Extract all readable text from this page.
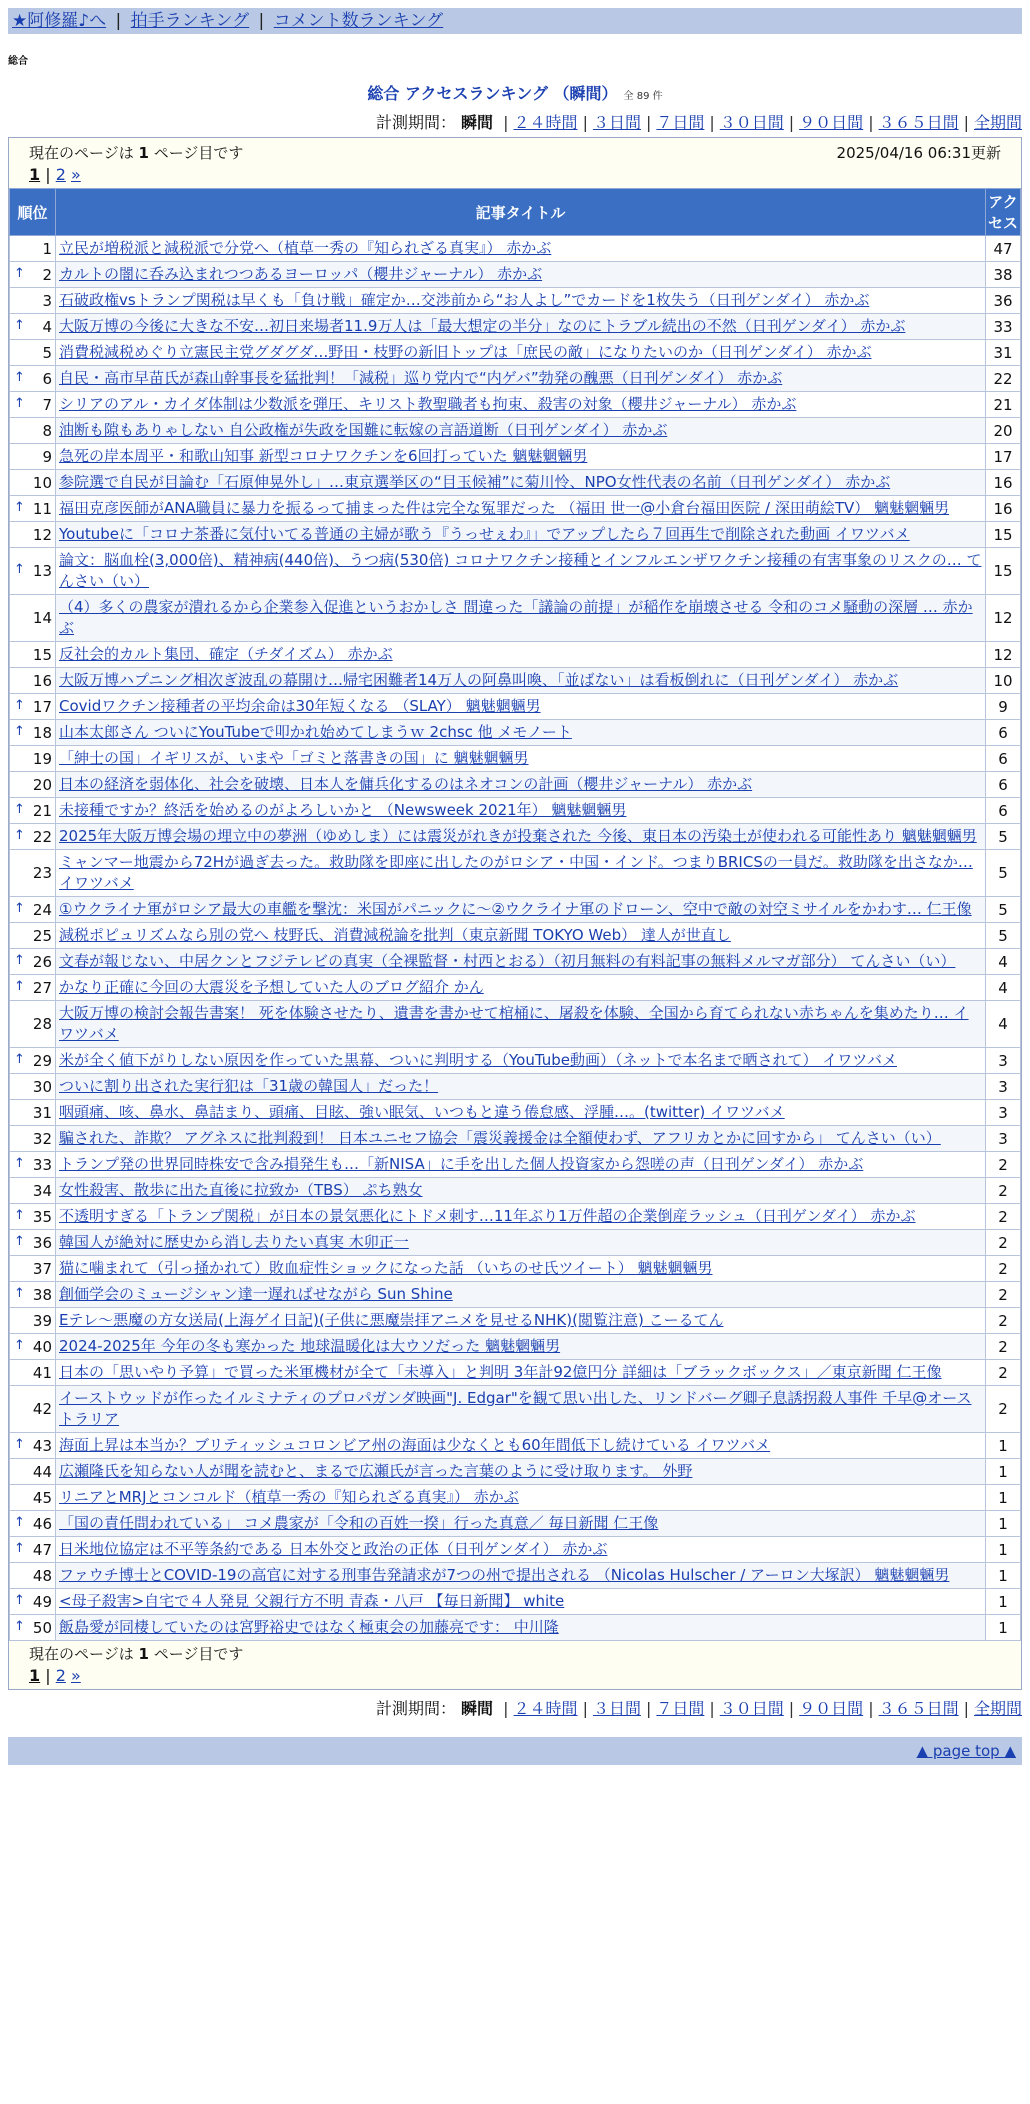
★阿修羅♪へ | 拍手ランキング | コメント数ランキング
総合
総合 アクセスランキング （瞬間） 全 89 件
計測期間： 瞬間 | ２４時間 | ３日間 | ７日間 | ３０日間 | ９０日間 | ３６５日間 | 全期間
現在のページは 1 ページ目です	2025/04/16 06:31更新
1 | 2 »
順位	記事タイトル	アクセス
1	立民が増税派と減税派で分党へ（植草一秀の『知られざる真実』） 赤かぶ	47

↑ 2	カルトの闇に呑み込まれつつあるヨーロッパ（櫻井ジャーナル） 赤かぶ	38
3	石破政権vsトランプ関税は早くも「負け戦」確定か…交渉前から“お人よし”でカードを1枚失う（日刊ゲンダイ） 赤かぶ	36

↑ 4	大阪万博の今後に大きな不安…初日来場者11.9万人は「最大想定の半分」なのにトラブル続出の不然（日刊ゲンダイ） 赤かぶ	33
5	消費税減税めぐり立憲民主党グダグダ…野田・枝野の新旧トップは「庶民の敵」になりたいのか（日刊ゲンダイ） 赤かぶ	31

↑ 6	自民・高市早苗氏が森山幹事長を猛批判！「減税」巡り党内で“内ゲバ”勃発の醜悪（日刊ゲンダイ） 赤かぶ	22

↑ 7	シリアのアル・カイダ体制は少数派を弾圧、キリスト教聖職者も拘束、殺害の対象（櫻井ジャーナル） 赤かぶ	21
8	油断も隙もありゃしない 自公政権が失政を国難に転嫁の言語道断（日刊ゲンダイ） 赤かぶ	20
9	急死の岸本周平・和歌山知事 新型コロナワクチンを6回打っていた 魑魅魍魎男	17
10	参院選で自民が目論む「石原伸晃外し」…東京選挙区の“目玉候補”に菊川怜、NPO女性代表の名前（日刊ゲンダイ） 赤かぶ	16

↑ 11	福田克彦医師がANA職員に暴力を振るって捕まった件は完全な冤罪だった （福田 世一@小倉台福田医院 / 深田萌絵TV） 魑魅魍魎男	16
12	Youtubeに「コロナ茶番に気付いてる普通の主婦が歌う『うっせぇわ』」でアップしたら７回再生で削除された動画 イワツバメ	15

↑ 13	論文：脳血栓(3,000倍)、精神病(440倍)、うつ病(530倍) コロナワクチン接種とインフルエンザワクチン接種の有害事象のリスクの… てんさい（い）	15
14	（4）多くの農家が潰れるから企業参入促進というおかしさ 間違った「議論の前提」が稲作を崩壊させる 令和のコメ騒動の深層 … 赤かぶ	12
15	反社会的カルト集団、確定（チダイズム） 赤かぶ	12
16	大阪万博ハプニング相次ぎ波乱の幕開け…帰宅困難者14万人の阿鼻叫喚、「並ばない」は看板倒れに（日刊ゲンダイ） 赤かぶ	10

↑ 17	Covidワクチン接種者の平均余命は30年短くなる （SLAY） 魑魅魍魎男	9

↑ 18	山本太郎さん ついにYouTubeで叩かれ始めてしまうｗ 2chsc 他 メモノート	6
19	「紳士の国」イギリスが、いまや「ゴミと落書きの国」に 魑魅魍魎男	6
20	日本の経済を弱体化、社会を破壊、日本人を傭兵化するのはネオコンの計画（櫻井ジャーナル） 赤かぶ	6

↑ 21	未接種ですか？終活を始めるのがよろしいかと （Newsweek 2021年） 魑魅魍魎男	6

↑ 22	2025年大阪万博会場の埋立中の夢洲（ゆめしま）には震災がれきが投棄された 今後、東日本の汚染土が使われる可能性あり 魑魅魍魎男	5
23	ミャンマー地震から72Hが過ぎ去った。救助隊を即座に出したのがロシア・中国・インド。つまりBRICSの一員だ。救助隊を出さなか… イワツバメ	5

↑ 24	①ウクライナ軍がロシア最大の車艦を撃沈：米国がパニックに～②ウクライナ軍のドローン、空中で敵の対空ミサイルをかわす… 仁王像	5
25	減税ポピュリズムなら別の党へ 枝野氏、消費減税論を批判（東京新聞 TOKYO Web） 達人が世直し	5

↑ 26	文春が報じない、中居クンとフジテレビの真実（全裸監督・村西とおる）（初月無料の有料記事の無料メルマガ部分） てんさい（い）	4

↑ 27	かなり正確に今回の大震災を予想していた人のブログ紹介 かん	4
28	大阪万博の検討会報告書案！ 死を体験させたり、遺書を書かせて棺桶に、屠殺を体験、全国から育てられない赤ちゃんを集めたり… イワツバメ	4

↑ 29	米が全く値下がりしない原因を作っていた黒幕、ついに判明する（YouTube動画）（ネットで本名まで晒されて） イワツバメ	3
30	ついに割り出された実行犯は「31歳の韓国人」だった！	3
31	咽頭痛、咳、鼻水、鼻詰まり、頭痛、目眩、強い眠気、いつもと違う倦怠感、浮腫…。(twitter) イワツバメ	3
32	騙された、詐欺？ アグネスに批判殺到！ 日本ユニセフ協会「震災義援金は全額使わず、アフリカとかに回すから」 てんさい（い）	3

↑ 33	トランプ発の世界同時株安で含み損発生も…「新NISA」に手を出した個人投資家から怨嗟の声（日刊ゲンダイ） 赤かぶ	2
34	女性殺害、散歩に出た直後に拉致か（TBS） ぷち熟女	2

↑ 35	不透明すぎる「トランプ関税」が日本の景気悪化にトドメ刺す…11年ぶり1万件超の企業倒産ラッシュ（日刊ゲンダイ） 赤かぶ	2

↑ 36	韓国人が絶対に歴史から消し去りたい真実 木卯正一	2
37	猫に噛まれて（引っ掻かれて）敗血症性ショックになった話 （いちのせ氏ツイート） 魑魅魍魎男	2

↑ 38	創価学会のミュージシャン達一遅ればせながら Sun Shine	2
39	Eテレ～悪魔の方女送局(上海ゲイ日記)(子供に悪魔崇拝アニメを見せるNHK)(閲覧注意) こーるてん	2

↑ 40	2024-2025年 今年の冬も寒かった 地球温暖化は大ウソだった 魑魅魍魎男	2
41	日本の「思いやり予算」で買った米軍機材が全て「未導入」と判明 3年計92億円分 詳細は「ブラックボックス」／東京新聞 仁王像	2
42	イーストウッドが作ったイルミナティのプロパガンダ映画"J. Edgar"を観て思い出した、リンドバーグ卿子息誘拐殺人事件 千早@オーストラリア	2

↑ 43	海面上昇は本当か？ブリティッシュコロンビア州の海面は少なくとも60年間低下し続けている イワツバメ	1
44	広瀬隆氏を知らない人が聞を読むと、まるで広瀬氏が言った言葉のように受け取ります。 外野	1
45	リニアとMRJとコンコルド（植草一秀の『知られざる真実』） 赤かぶ	1

↑ 46	「国の責任問われている」 コメ農家が「令和の百姓一揆」行った真意／ 毎日新聞 仁王像	1

↑ 47	日米地位協定は不平等条約である 日本外交と政治の正体（日刊ゲンダイ） 赤かぶ	1
48	ファウチ博士とCOVID-19の高官に対する刑事告発請求が7つの州で提出される （Nicolas Hulscher / アーロン大塚訳） 魑魅魍魎男	1

↑ 49	<母子殺害>自宅で４人発見 父親行方不明 青森・八戸 【毎日新聞】 white	1

↑ 50	飯島愛が同棲していたのは宮野裕史ではなく極東会の加藤亮です： 中川隆	1
現在のページは 1 ページ目です
1 | 2 »
計測期間： 瞬間 | ２４時間 | ３日間 | ７日間 | ３０日間 | ９０日間 | ３６５日間 | 全期間
▲ page top ▲
